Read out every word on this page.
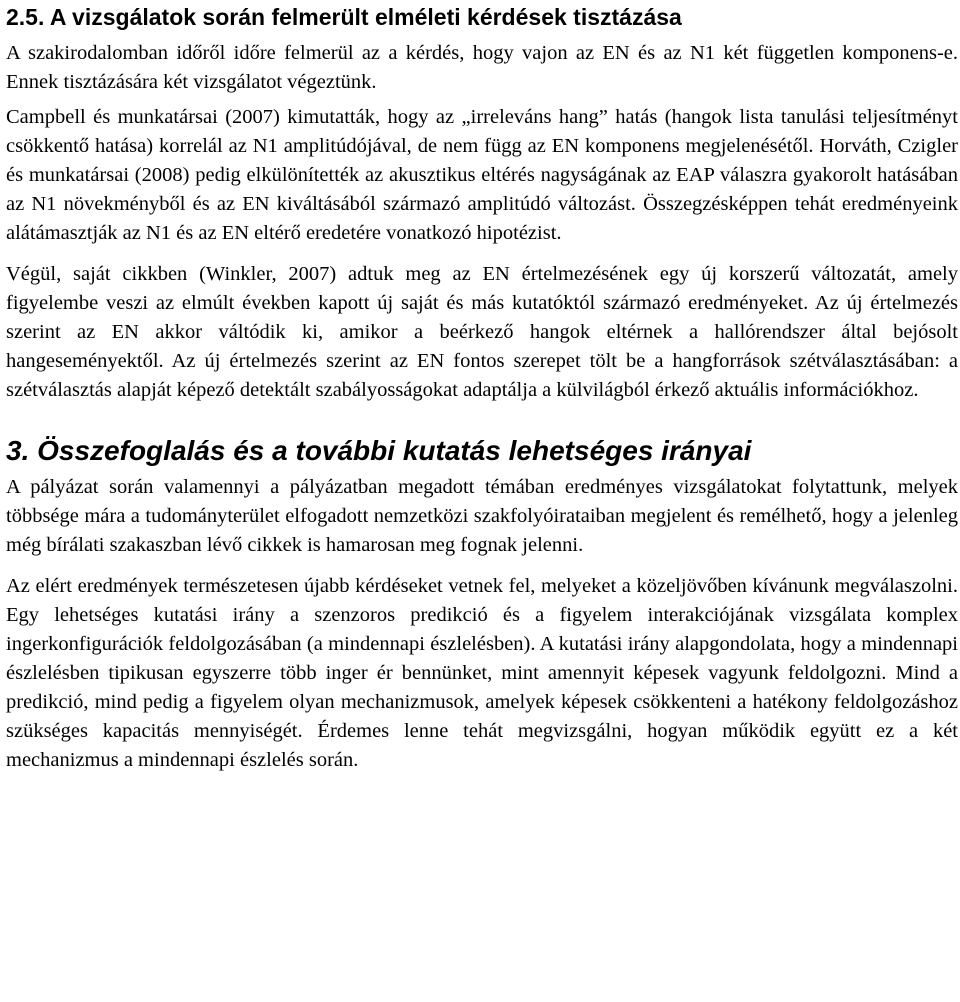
2.5. A vizsgálatok során felmerült elméleti kérdések tisztázása

A szakirodalomban időről időre felmerül az a kérdés, hogy vajon az EN és az N1 két független komponens-e. Ennek tisztázására két vizsgálatot végeztünk.

Campbell és munkatársai (2007) kimutatták, hogy az „irreleváns hang” hatás (hangok lista tanulási teljesítményt csökkentő hatása) korrelál az N1 amplitúdójával, de nem függ az EN komponens megjelenésétől. Horváth, Czigler és munkatársai (2008) pedig elkülönítették az akusztikus eltérés nagyságának az EAP válaszra gyakorolt hatásában az N1 növekményből és az EN kiváltásából származó amplitúdó változást. Összegzésképpen tehát eredményeink alátámasztják az N1 és az EN eltérő eredetére vonatkozó hipotézist.

Végül, saját cikkben (Winkler, 2007) adtuk meg az EN értelmezésének egy új korszerű változatát, amely figyelembe veszi az elmúlt években kapott új saját és más kutatóktól származó eredményeket. Az új értelmezés szerint az EN akkor váltódik ki, amikor a beérkező hangok eltérnek a hallórendszer által bejósolt hangeseményektől. Az új értelmezés szerint az EN fontos szerepet tölt be a hangforrások szétválasztásában: a szétválasztás alapját képező detektált szabályosságokat adaptálja a külvilágból érkező aktuális információkhoz.

3. Összefoglalás és a további kutatás lehetséges irányai

A pályázat során valamennyi a pályázatban megadott témában eredményes vizsgálatokat folytattunk, melyek többsége mára a tudományterület elfogadott nemzetközi szakfolyóirataiban megjelent és remélhető, hogy a jelenleg még bírálati szakaszban lévő cikkek is hamarosan meg fognak jelenni.

Az elért eredmények természetesen újabb kérdéseket vetnek fel, melyeket a közeljövőben kívánunk megválaszolni. Egy lehetséges kutatási irány a szenzoros predikció és a figyelem interakciójának vizsgálata komplex ingerkonfigurációk feldolgozásában (a mindennapi észlelésben). A kutatási irány alapgondolata, hogy a mindennapi észlelésben tipikusan egyszerre több inger ér bennünket, mint amennyit képesek vagyunk feldolgozni. Mind a predikció, mind pedig a figyelem olyan mechanizmusok, amelyek képesek csökkenteni a hatékony feldolgozáshoz szükséges kapacitás mennyiségét. Érdemes lenne tehát megvizsgálni, hogyan működik együtt ez a két mechanizmus a mindennapi észlelés során.
